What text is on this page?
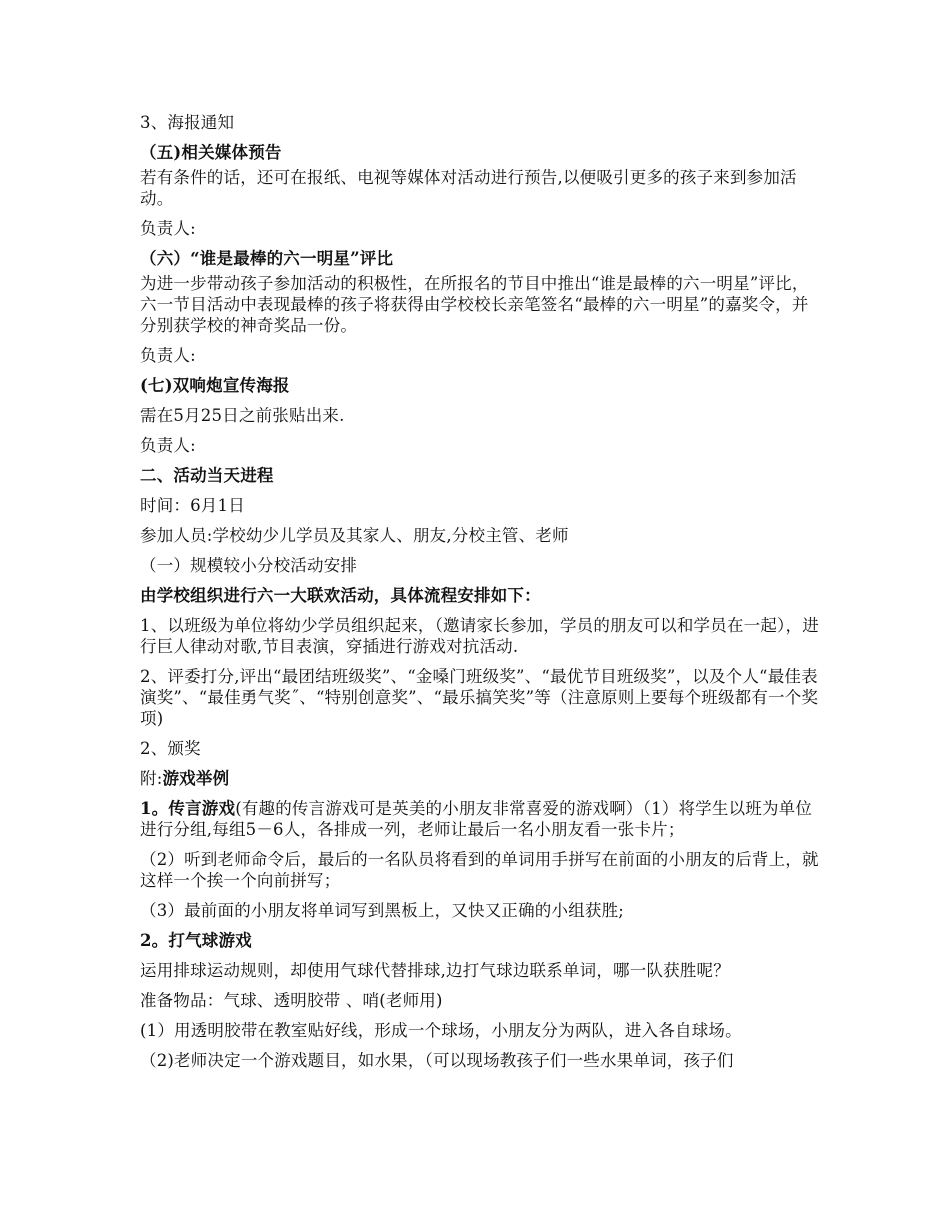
3、海报通知
（五)相关媒体预告
若有条件的话，还可在报纸、电视等媒体对活动进行预告,以便吸引更多的孩子来到参加活动。
负责人:
（六）“谁是最棒的六一明星”评比
为进一步带动孩子参加活动的积极性，在所报名的节目中推出“谁是最棒的六一明星”评比，六一节目活动中表现最棒的孩子将获得由学校校长亲笔签名“最棒的六一明星”的嘉奖令，并分别获学校的神奇奖品一份。
负责人:
(七)双响炮宣传海报
需在5月25日之前张贴出来.
负责人:
二、活动当天进程
时间：6月1日
参加人员:学校幼少儿学员及其家人、朋友,分校主管、老师
（一）规模较小分校活动安排
由学校组织进行六一大联欢活动，具体流程安排如下：
1、以班级为单位将幼少学员组织起来，（邀请家长参加，学员的朋友可以和学员在一起），进行巨人律动对歌,节目表演，穿插进行游戏对抗活动.
2、评委打分,评出“最团结班级奖”、“金嗓门班级奖”、“最优节目班级奖”，以及个人“最佳表演奖”、“最佳勇气奖˝、“特别创意奖”、“最乐搞笑奖”等（注意原则上要每个班级都有一个奖项)
2、颁奖
附:游戏举例
1。传言游戏(有趣的传言游戏可是英美的小朋友非常喜爱的游戏啊）（1）将学生以班为单位进行分组,每组5－6人，各排成一列，老师让最后一名小朋友看一张卡片；
（2）听到老师命令后，最后的一名队员将看到的单词用手拼写在前面的小朋友的后背上，就这样一个挨一个向前拼写；
（3）最前面的小朋友将单词写到黑板上，又快又正确的小组获胜;
2。打气球游戏
运用排球运动规则，却使用气球代替排球,边打气球边联系单词，哪一队获胜呢？
准备物品：气球、透明胶带 、哨(老师用)
(1）用透明胶带在教室贴好线，形成一个球场，小朋友分为两队，进入各自球场。
（2)老师决定一个游戏题目，如水果，（可以现场教孩子们一些水果单词，孩子们
